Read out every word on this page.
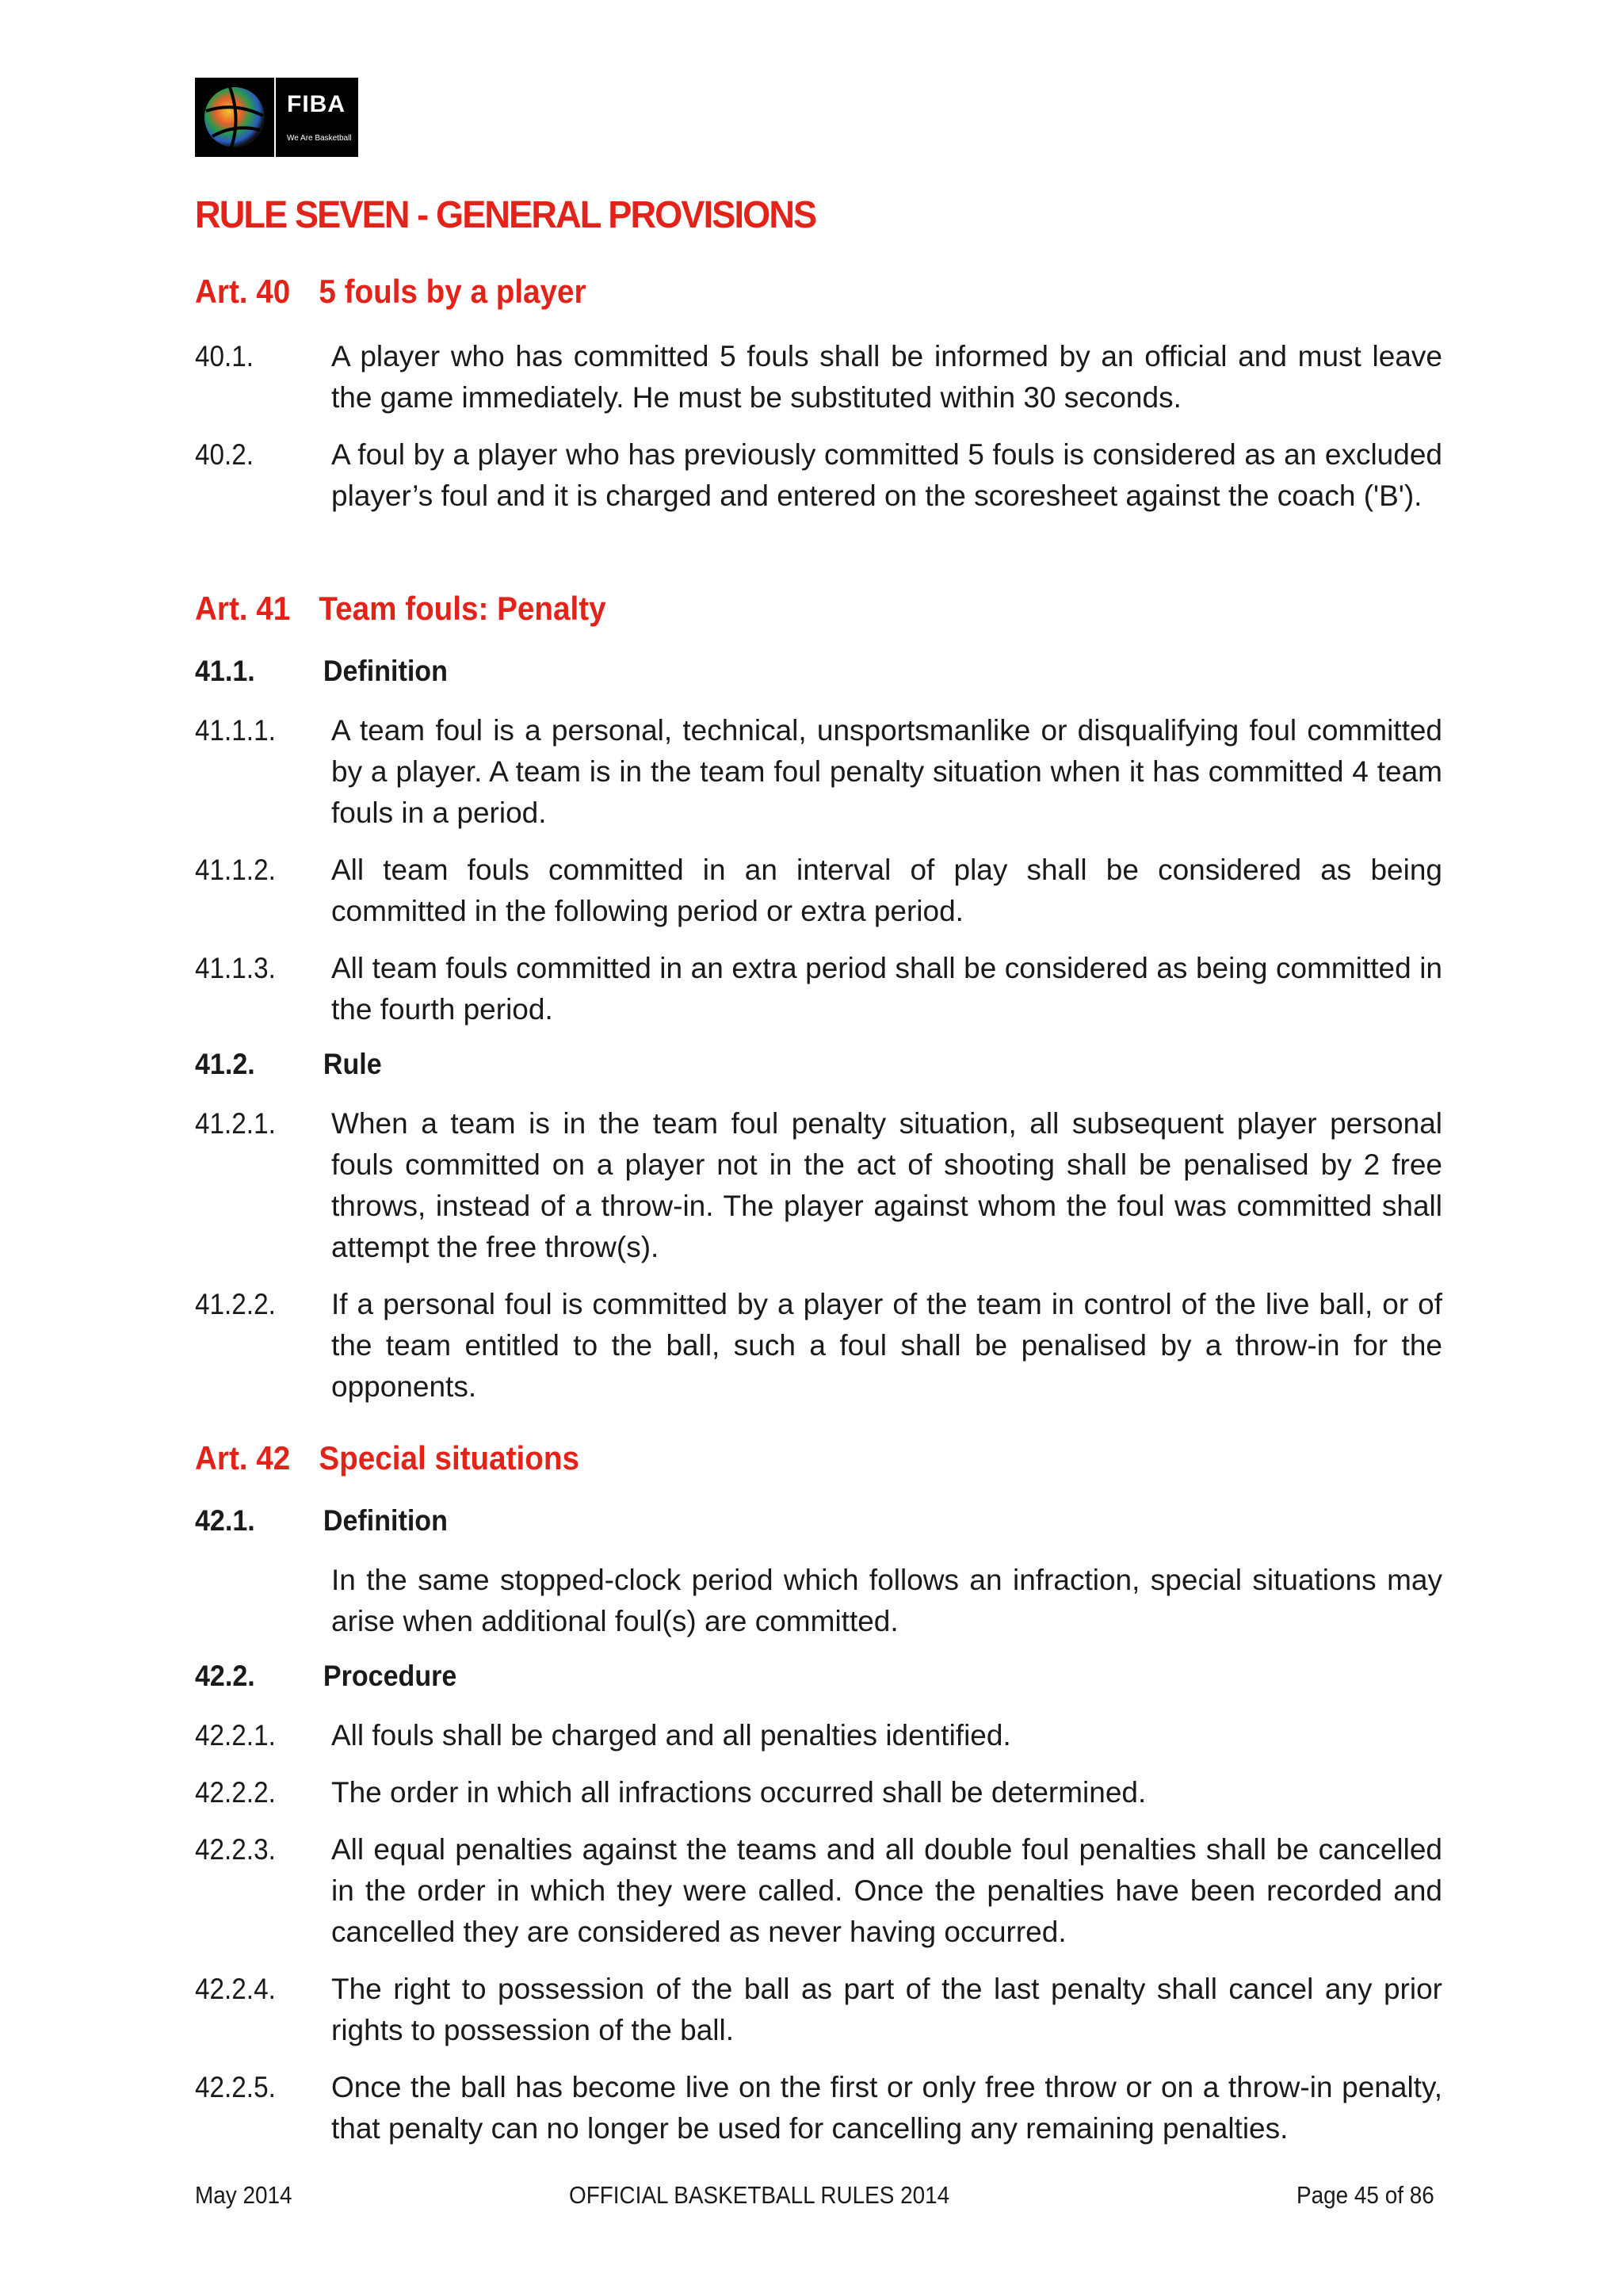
FIBA
We Are Basketball
RULE SEVEN - GENERAL PROVISIONS
Art. 40 5 fouls by a player
40.1.	A player who has committed 5 fouls shall be informed by an official and must leave the game immediately. He must be substituted within 30 seconds.
40.2.	A foul by a player who has previously committed 5 fouls is considered as an excluded player’s foul and it is charged and entered on the scoresheet against the coach ('B').
Art. 41 Team fouls: Penalty
41.1. Definition
41.1.1. A team foul is a personal, technical, unsportsmanlike or disqualifying foul committed by a player. A team is in the team foul penalty situation when it has committed 4 team fouls in a period.
41.1.2. All team fouls committed in an interval of play shall be considered as being committed in the following period or extra period.
41.1.3. All team fouls committed in an extra period shall be considered as being committed in the fourth period.
41.2. Rule
41.2.1. When a team is in the team foul penalty situation, all subsequent player personal fouls committed on a player not in the act of shooting shall be penalised by 2 free throws, instead of a throw-in. The player against whom the foul was committed shall attempt the free throw(s).
41.2.2. If a personal foul is committed by a player of the team in control of the live ball, or of the team entitled to the ball, such a foul shall be penalised by a throw-in for the opponents.
Art. 42 Special situations
42.1. Definition
In the same stopped-clock period which follows an infraction, special situations may arise when additional foul(s) are committed.
42.2. Procedure
42.2.1. All fouls shall be charged and all penalties identified.
42.2.2. The order in which all infractions occurred shall be determined.
42.2.3. All equal penalties against the teams and all double foul penalties shall be cancelled in the order in which they were called. Once the penalties have been recorded and cancelled they are considered as never having occurred.
42.2.4. The right to possession of the ball as part of the last penalty shall cancel any prior rights to possession of the ball.
42.2.5. Once the ball has become live on the first or only free throw or on a throw-in penalty, that penalty can no longer be used for cancelling any remaining penalties.
May 2014	OFFICIAL BASKETBALL RULES 2014	Page 45 of 86
